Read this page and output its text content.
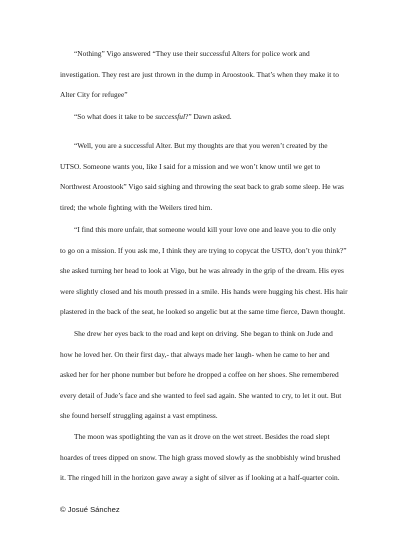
“Nothing” Vigo answered “They use their successful Alters for police work and
investigation. They rest are just thrown in the dump in Aroostook. That’s when they make it to
Alter City for refugee”
“So what does it take to be successful?” Dawn asked.
“Well, you are a successful Alter. But my thoughts are that you weren’t created by the
UTSO. Someone wants you, like I said for a mission and we won’t know until we get to
Northwest Aroostook” Vigo said sighing and throwing the seat back to grab some sleep. He was
tired; the whole fighting with the Weilers tired him.
“I find this more unfair, that someone would kill your love one and leave you to die only
to go on a mission. If you ask me, I think they are trying to copycat the USTO, don’t you think?”
she asked turning her head to look at Vigo, but he was already in the grip of the dream. His eyes
were slightly closed and his mouth pressed in a smile. His hands were hugging his chest. His hair
plastered in the back of the seat, he looked so angelic but at the same time fierce, Dawn thought.
She drew her eyes back to the road and kept on driving. She began to think on Jude and
how he loved her. On their first day,- that always made her laugh- when he came to her and
asked her for her phone number but before he dropped a coffee on her shoes. She remembered
every detail of Jude’s face and she wanted to feel sad again. She wanted to cry, to let it out. But
she found herself struggling against a vast emptiness.
The moon was spotlighting the van as it drove on the wet street. Besides the road slept
hoardes of trees dipped on snow. The high grass moved slowly as the snobbishly wind brushed
it. The ringed hill in the horizon gave away a sight of silver as if looking at a half-quarter coin.

© Josué Sánchez
